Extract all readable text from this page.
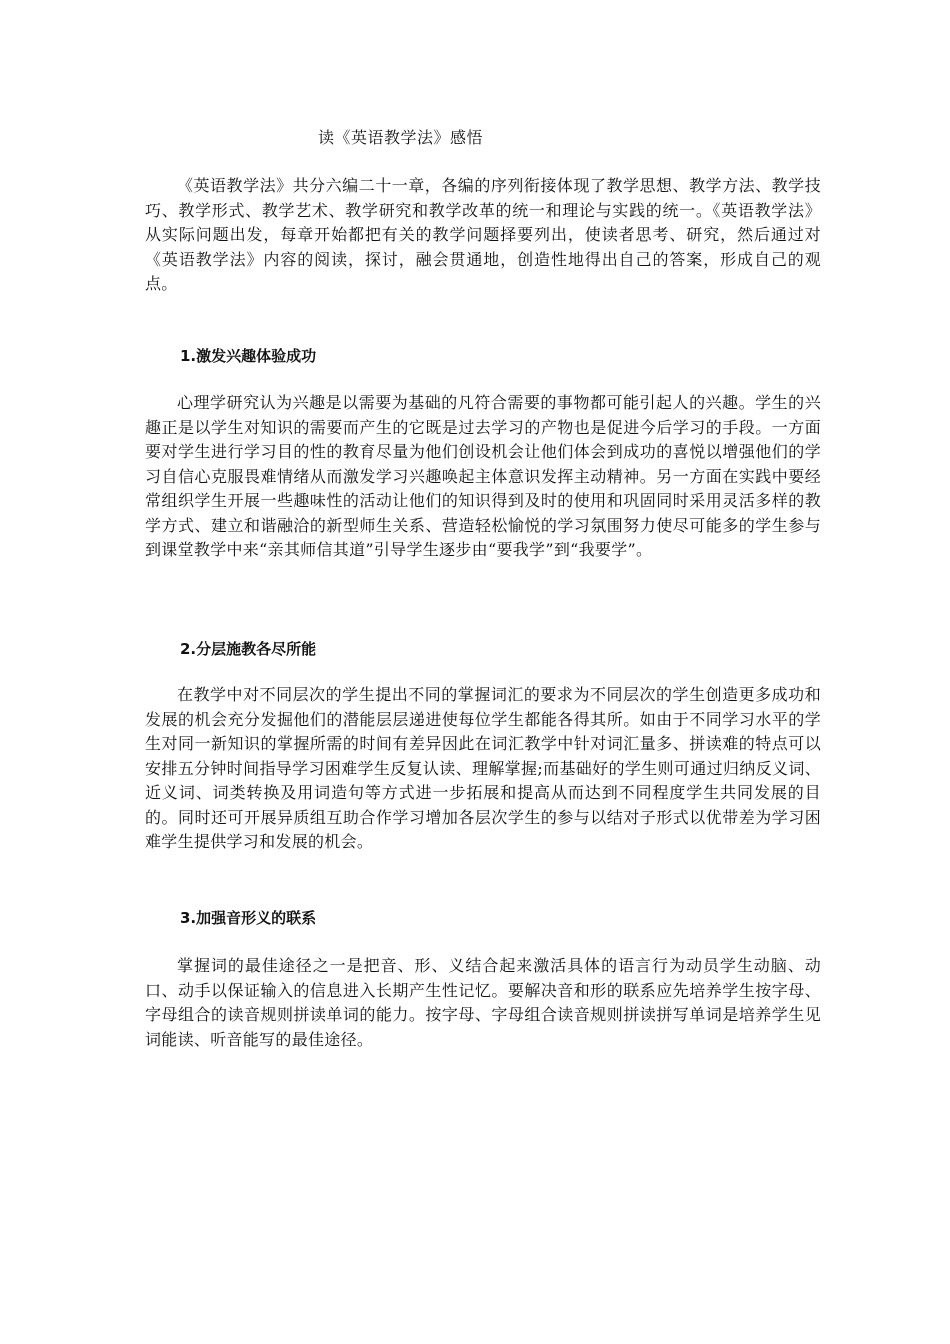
读《英语教学法》感悟

《英语教学法》共分六编二十一章，各编的序列衔接体现了教学思想、教学方法、教学技巧、教学形式、教学艺术、教学研究和教学改革的统一和理论与实践的统一。《英语教学法》从实际问题出发，每章开始都把有关的教学问题择要列出，使读者思考、研究，然后通过对《英语教学法》内容的阅读，探讨，融会贯通地，创造性地得出自己的答案，形成自己的观点。

1.激发兴趣体验成功

心理学研究认为兴趣是以需要为基础的凡符合需要的事物都可能引起人的兴趣。学生的兴趣正是以学生对知识的需要而产生的它既是过去学习的产物也是促进今后学习的手段。一方面要对学生进行学习目的性的教育尽量为他们创设机会让他们体会到成功的喜悦以增强他们的学习自信心克服畏难情绪从而激发学习兴趣唤起主体意识发挥主动精神。另一方面在实践中要经常组织学生开展一些趣味性的活动让他们的知识得到及时的使用和巩固同时采用灵活多样的教学方式、建立和谐融洽的新型师生关系、营造轻松愉悦的学习氛围努力使尽可能多的学生参与到课堂教学中来“亲其师信其道”引导学生逐步由“要我学”到“我要学”。

2.分层施教各尽所能

在教学中对不同层次的学生提出不同的掌握词汇的要求为不同层次的学生创造更多成功和发展的机会充分发掘他们的潜能层层递进使每位学生都能各得其所。如由于不同学习水平的学生对同一新知识的掌握所需的时间有差异因此在词汇教学中针对词汇量多、拼读难的特点可以安排五分钟时间指导学习困难学生反复认读、理解掌握;而基础好的学生则可通过归纳反义词、近义词、词类转换及用词造句等方式进一步拓展和提高从而达到不同程度学生共同发展的目的。同时还可开展异质组互助合作学习增加各层次学生的参与以结对子形式以优带差为学习困难学生提供学习和发展的机会。

3.加强音形义的联系

掌握词的最佳途径之一是把音、形、义结合起来激活具体的语言行为动员学生动脑、动口、动手以保证输入的信息进入长期产生性记忆。要解决音和形的联系应先培养学生按字母、字母组合的读音规则拼读单词的能力。按字母、字母组合读音规则拼读拼写单词是培养学生见词能读、听音能写的最佳途径。
